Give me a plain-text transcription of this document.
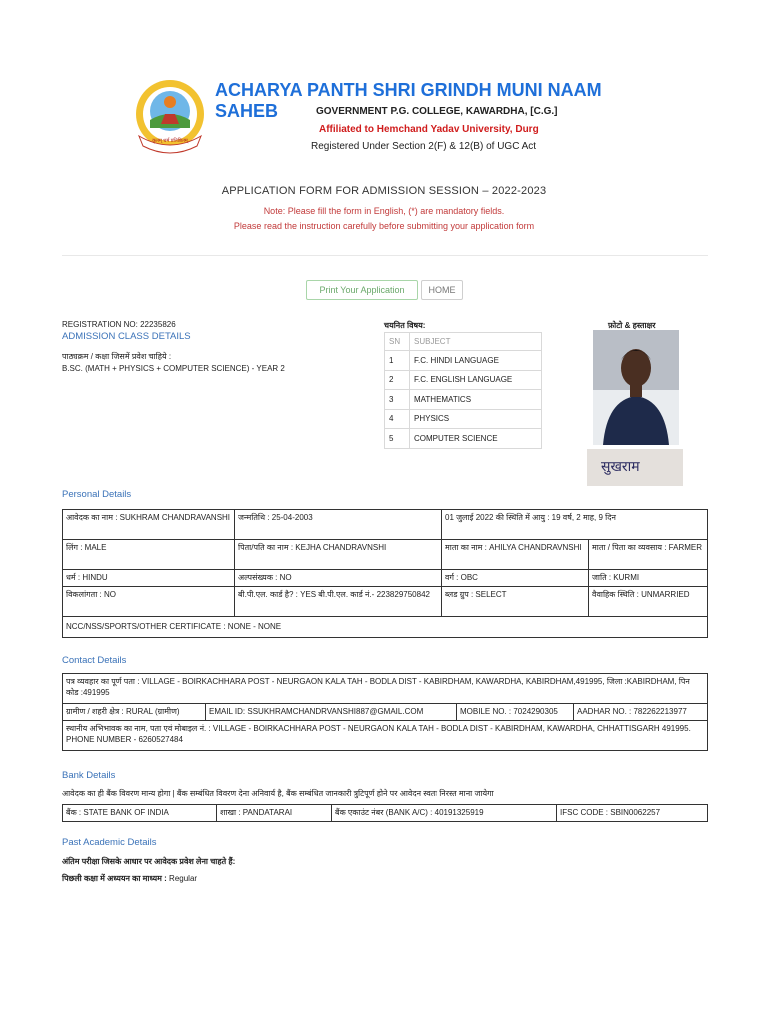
कृतम् धर्म प्रतिष्ठितम्
ACHARYA PANTH SHRI GRINDH MUNI NAAM SAHEB	GOVERNMENT P.G. COLLEGE, KAWARDHA, [C.G.]
Affiliated to Hemchand Yadav University, Durg
Registered Under Section 2(F) & 12(B) of UGC Act
APPLICATION FORM FOR ADMISSION SESSION – 2022-2023
Note: Please fill the form in English, (*) are mandatory fields.
Please read the instruction carefully before submitting your application form
Print Your Application	HOME
REGISTRATION NO: 22235826
ADMISSION CLASS DETAILS
पाठ्यक्रम / कक्षा जिसमें प्रवेश चाहिये :
B.SC. (MATH + PHYSICS + COMPUTER SCIENCE) - YEAR 2
चयनित विषय:
SN	SUBJECT
1	F.C. HINDI LANGUAGE
2	F.C. ENGLISH LANGUAGE
3	MATHEMATICS
4	PHYSICS
5	COMPUTER SCIENCE
फ़ोटो & हस्ताक्षर
सुखराम
Personal Details
आवेदक का नाम : SUKHRAM CHANDRAVANSHI	जन्मतिथि : 25-04-2003	01 जुलाई 2022 की स्थिति में आयु : 19 वर्ष, 2 माह, 9 दिन	
लिंग : MALE	पिता/पति का नाम : KEJHA CHANDRAVNSHI	माता का नाम : AHILYA CHANDRAVNSHI	माता / पिता का व्यवसाय : FARMER
धर्म : HINDU	अल्पसंख्यक : NO	वर्ग : OBC	जाति : KURMI
विकलांगता : NO	बी.पी.एल. कार्ड है? : YES बी.पी.एल. कार्ड नं.- 223829750842	ब्लड ग्रुप : SELECT	वैवाहिक स्थिति : UNMARRIED
NCC/NSS/SPORTS/OTHER CERTIFICATE : NONE - NONE			
Contact Details
पत्र व्यवहार का पूर्ण पता : VILLAGE - BOIRKACHHARA POST - NEURGAON KALA TAH - BODLA DIST - KABIRDHAM, KAWARDHA, KABIRDHAM,491995, जिला :KABIRDHAM, पिन कोड :491995
ग्रामीण / शहरी क्षेत्र : RURAL (ग्रामीण)	EMAIL ID: SSUKHRAMCHANDRVANSHI887@GMAIL.COM	MOBILE NO. : 7024290305	AADHAR NO. : 782262213977
स्थानीय अभिभावक का नाम, पता एवं मोबाइल नं. : VILLAGE - BOIRKACHHARA POST - NEURGAON KALA TAH - BODLA DIST - KABIRDHAM, KAWARDHA, CHHATTISGARH 491995. PHONE NUMBER - 6260527484
Bank Details
आवेदक का ही बैंक विवरण मान्य होगा | बैंक सम्बंधित विवरण देना अनिवार्य है, बैंक सम्बंधित जानकारी त्रुटिपूर्ण होने पर आवेदन स्वतः निरस्त माना जायेगा
बैंक : STATE BANK OF INDIA	शाखा : PANDATARAI	बैंक एकाउंट नंबर (BANK A/C) : 40191325919	IFSC CODE : SBIN0062257
Past Academic Details
अंतिम परीक्षा जिसके आधार पर आवेदक प्रवेश लेना चाहते हैं:
पिछली कक्षा में अध्ययन का माध्यम : Regular
